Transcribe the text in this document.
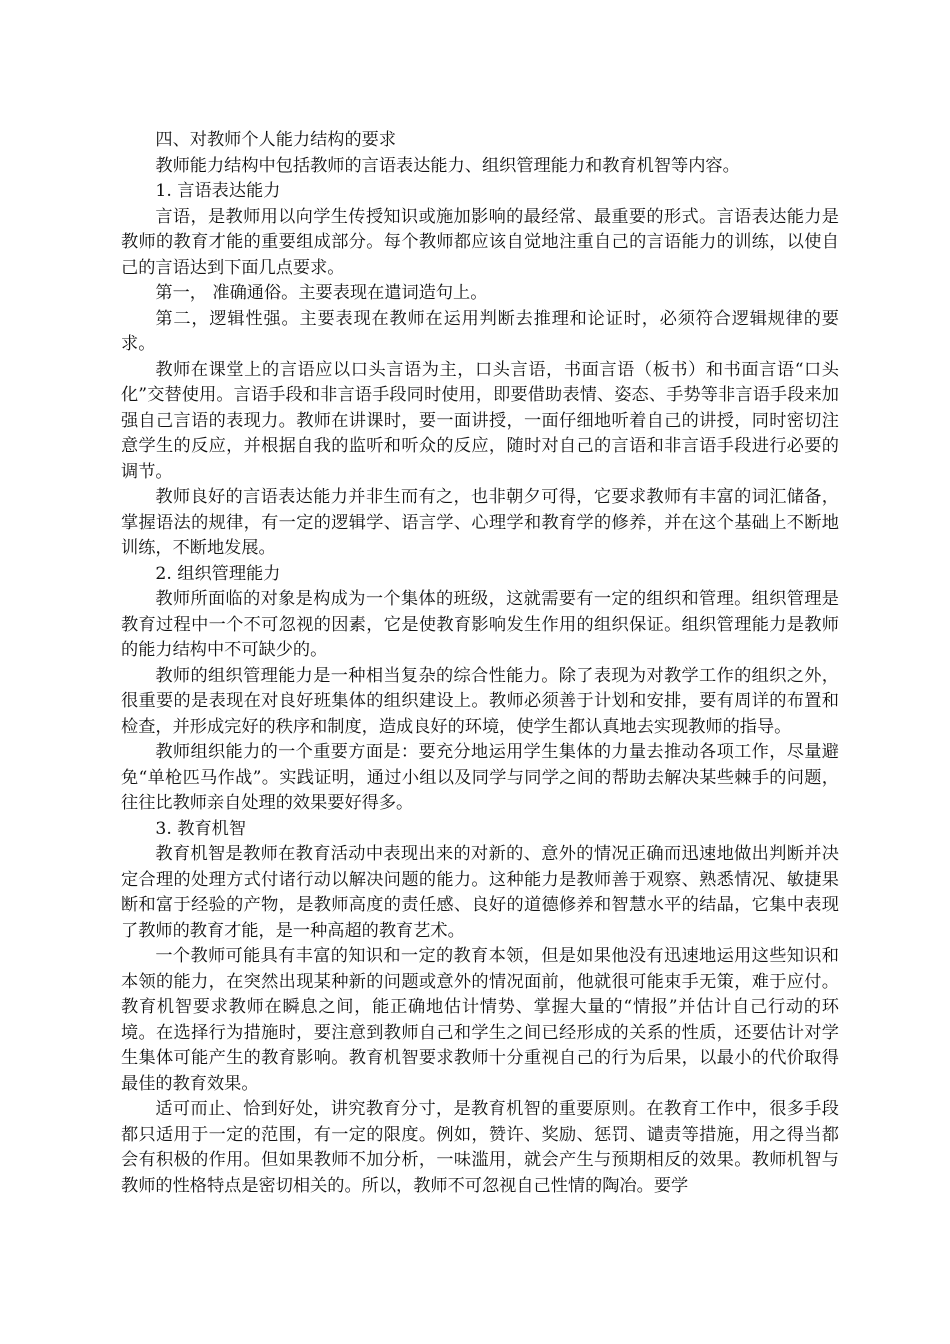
四、对教师个人能力结构的要求

教师能力结构中包括教师的言语表达能力、组织管理能力和教育机智等内容。

1. 言语表达能力

言语，是教师用以向学生传授知识或施加影响的最经常、最重要的形式。言语表达能力是教师的教育才能的重要组成部分。每个教师都应该自觉地注重自己的言语能力的训练，以使自己的言语达到下面几点要求。

第一， 准确通俗。主要表现在遣词造句上。

第二，逻辑性强。主要表现在教师在运用判断去推理和论证时，必须符合逻辑规律的要求。

教师在课堂上的言语应以口头言语为主，口头言语，书面言语（板书）和书面言语“口头化”交替使用。言语手段和非言语手段同时使用，即要借助表情、姿态、手势等非言语手段来加强自己言语的表现力。教师在讲课时，要一面讲授，一面仔细地听着自己的讲授，同时密切注意学生的反应，并根据自我的监听和听众的反应，随时对自己的言语和非言语手段进行必要的调节。

教师良好的言语表达能力并非生而有之，也非朝夕可得，它要求教师有丰富的词汇储备，掌握语法的规律，有一定的逻辑学、语言学、心理学和教育学的修养，并在这个基础上不断地训练，不断地发展。

2. 组织管理能力

教师所面临的对象是构成为一个集体的班级，这就需要有一定的组织和管理。组织管理是教育过程中一个不可忽视的因素，它是使教育影响发生作用的组织保证。组织管理能力是教师的能力结构中不可缺少的。

教师的组织管理能力是一种相当复杂的综合性能力。除了表现为对教学工作的组织之外，很重要的是表现在对良好班集体的组织建设上。教师必须善于计划和安排，要有周详的布置和检查，并形成完好的秩序和制度，造成良好的环境，使学生都认真地去实现教师的指导。

教师组织能力的一个重要方面是：要充分地运用学生集体的力量去推动各项工作，尽量避免“单枪匹马作战”。实践证明，通过小组以及同学与同学之间的帮助去解决某些棘手的问题，往往比教师亲自处理的效果要好得多。

3. 教育机智

教育机智是教师在教育活动中表现出来的对新的、意外的情况正确而迅速地做出判断并决定合理的处理方式付诸行动以解决问题的能力。这种能力是教师善于观察、熟悉情况、敏捷果断和富于经验的产物，是教师高度的责任感、良好的道德修养和智慧水平的结晶，它集中表现了教师的教育才能，是一种高超的教育艺术。

一个教师可能具有丰富的知识和一定的教育本领，但是如果他没有迅速地运用这些知识和本领的能力，在突然出现某种新的问题或意外的情况面前，他就很可能束手无策，难于应付。教育机智要求教师在瞬息之间，能正确地估计情势、掌握大量的“情报”并估计自己行动的环境。在选择行为措施时，要注意到教师自己和学生之间已经形成的关系的性质，还要估计对学生集体可能产生的教育影响。教育机智要求教师十分重视自己的行为后果，以最小的代价取得最佳的教育效果。

适可而止、恰到好处，讲究教育分寸，是教育机智的重要原则。在教育工作中，很多手段都只适用于一定的范围，有一定的限度。例如，赞许、奖励、惩罚、谴责等措施，用之得当都会有积极的作用。但如果教师不加分析，一味滥用，就会产生与预期相反的效果。教师机智与教师的性格特点是密切相关的。所以，教师不可忽视自己性情的陶冶。要学
